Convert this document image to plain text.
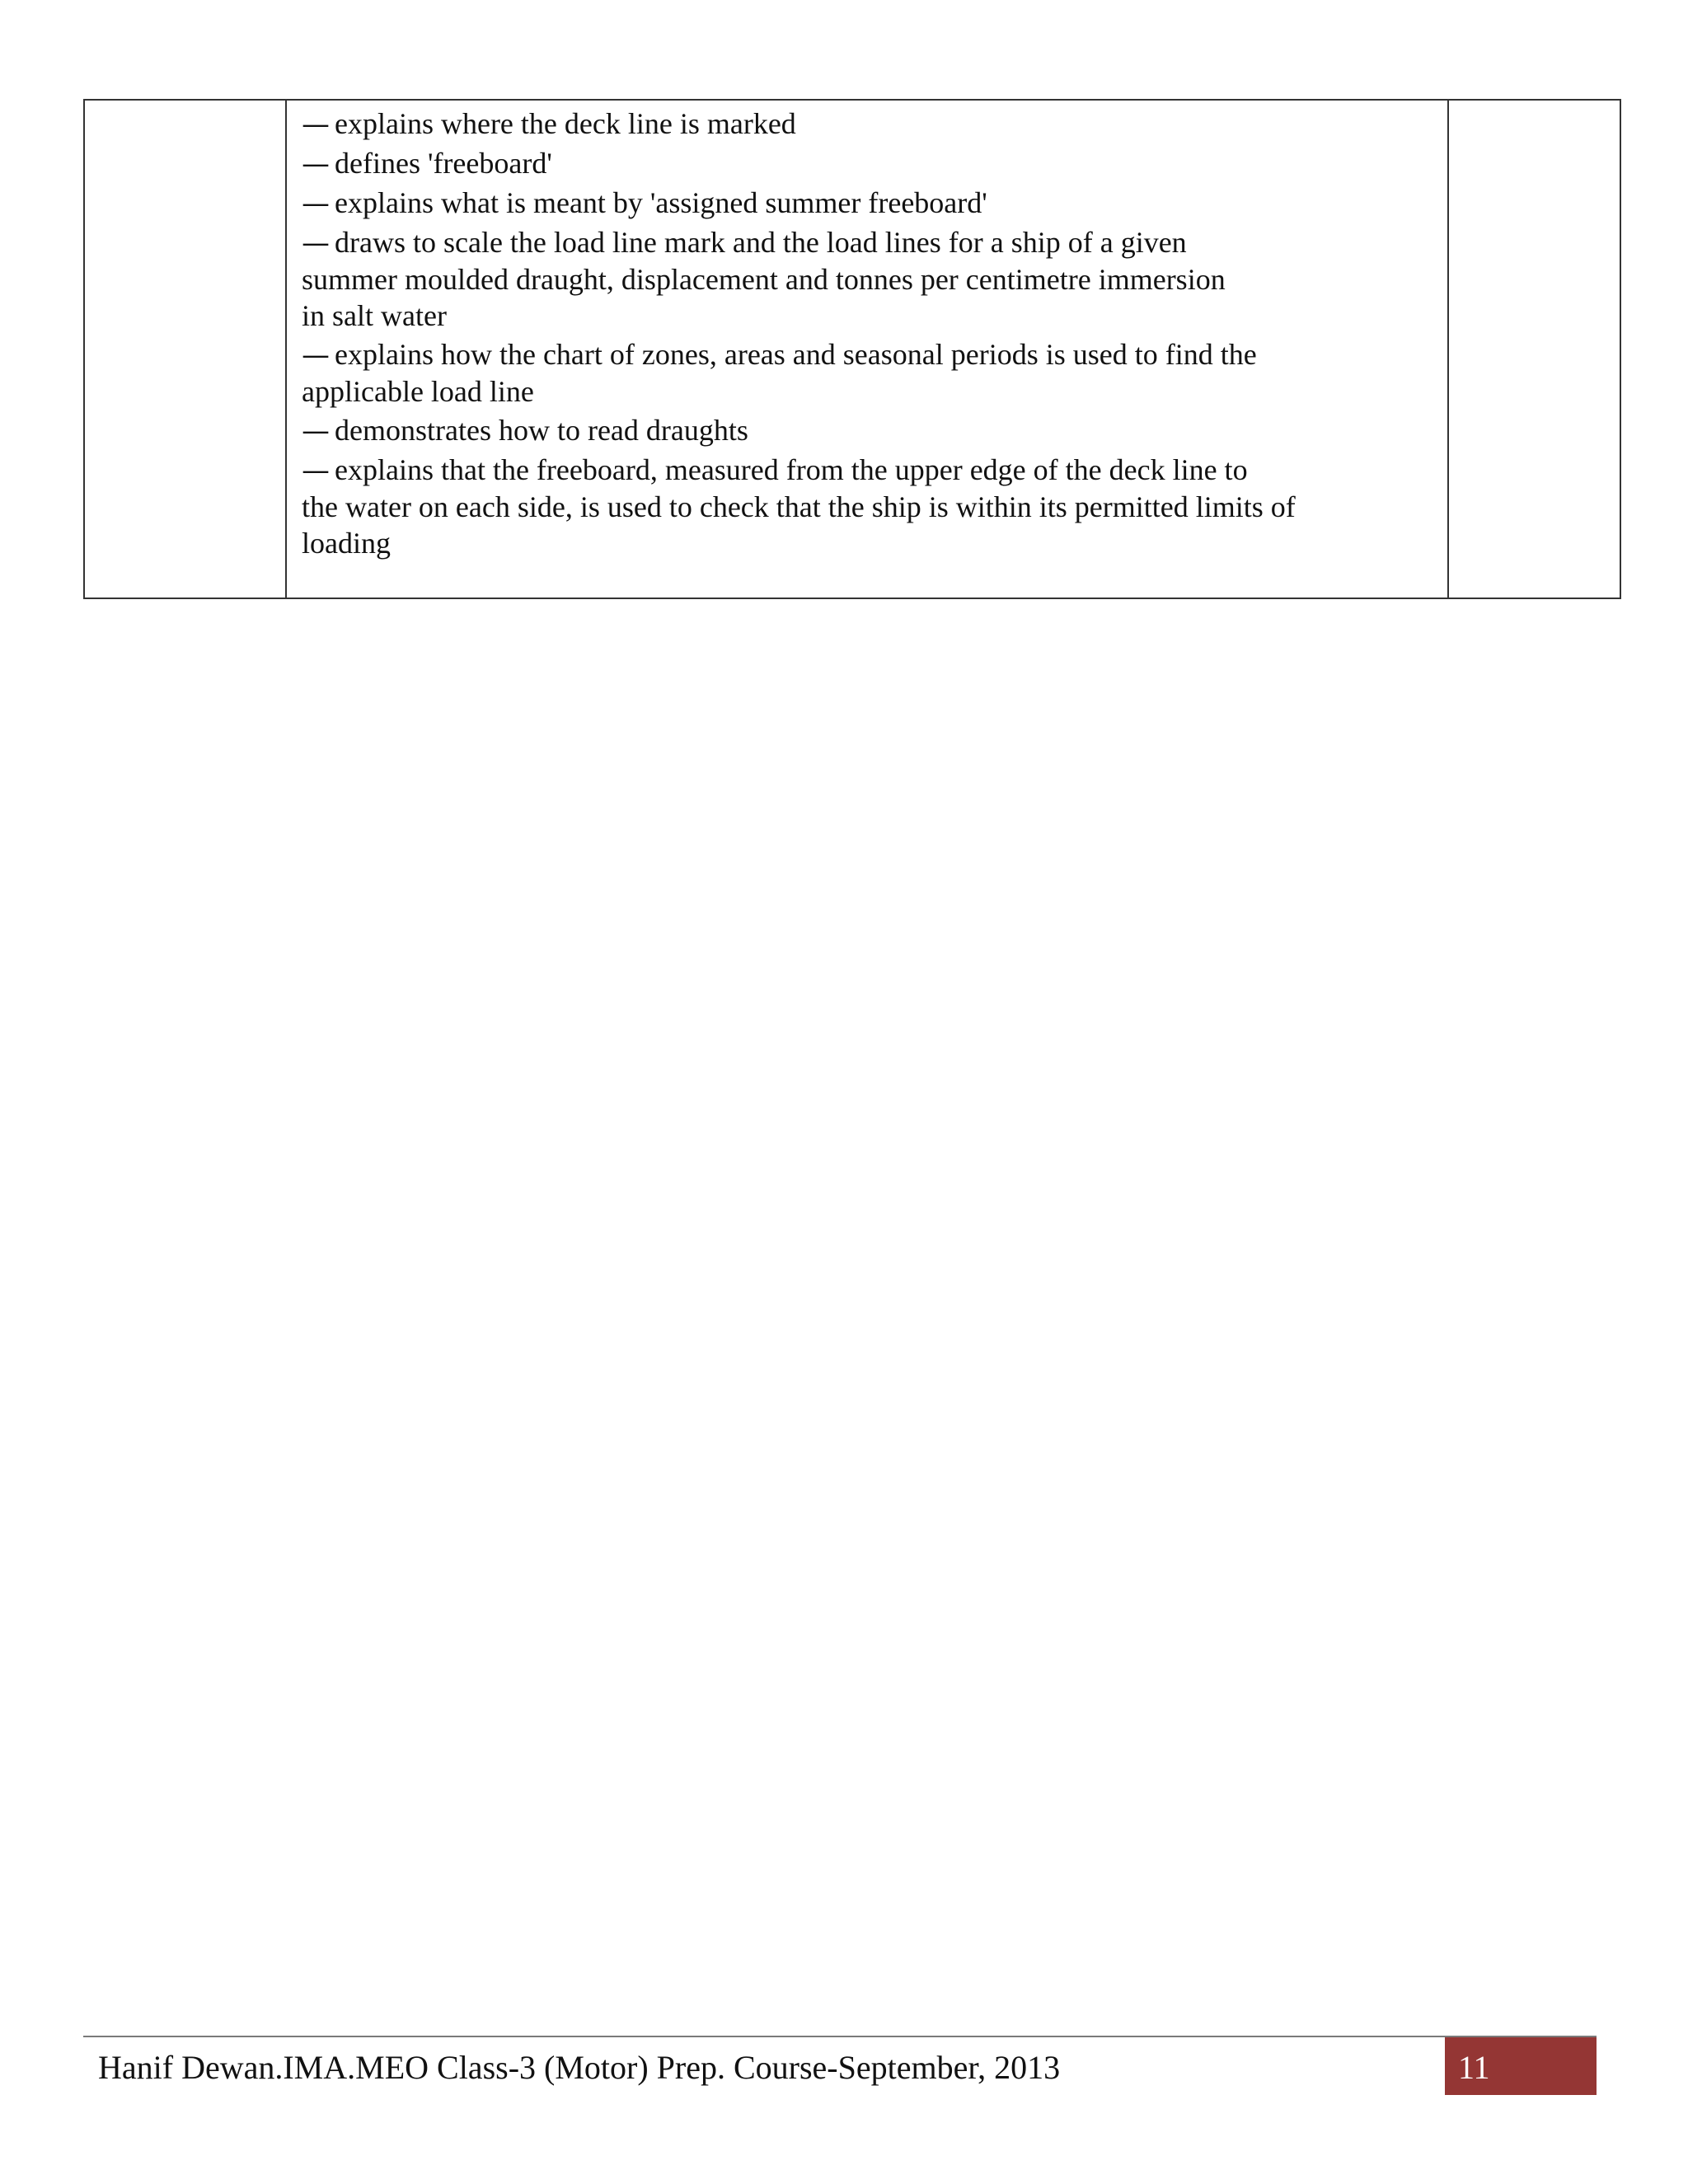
— explains where the deck line is marked

— defines 'freeboard'

— explains what is meant by 'assigned summer freeboard'

— draws to scale the load line mark and the load lines for a ship of a given
summer moulded draught, displacement and tonnes per centimetre immersion
in salt water

— explains how the chart of zones, areas and seasonal periods is used to find the
applicable load line

— demonstrates how to read draughts

— explains that the freeboard, measured from the upper edge of the deck line to
the water on each side, is used to check that the ship is within its permitted limits of
loading

Hanif Dewan.IMA.MEO Class-3 (Motor) Prep. Course-September, 2013	11
